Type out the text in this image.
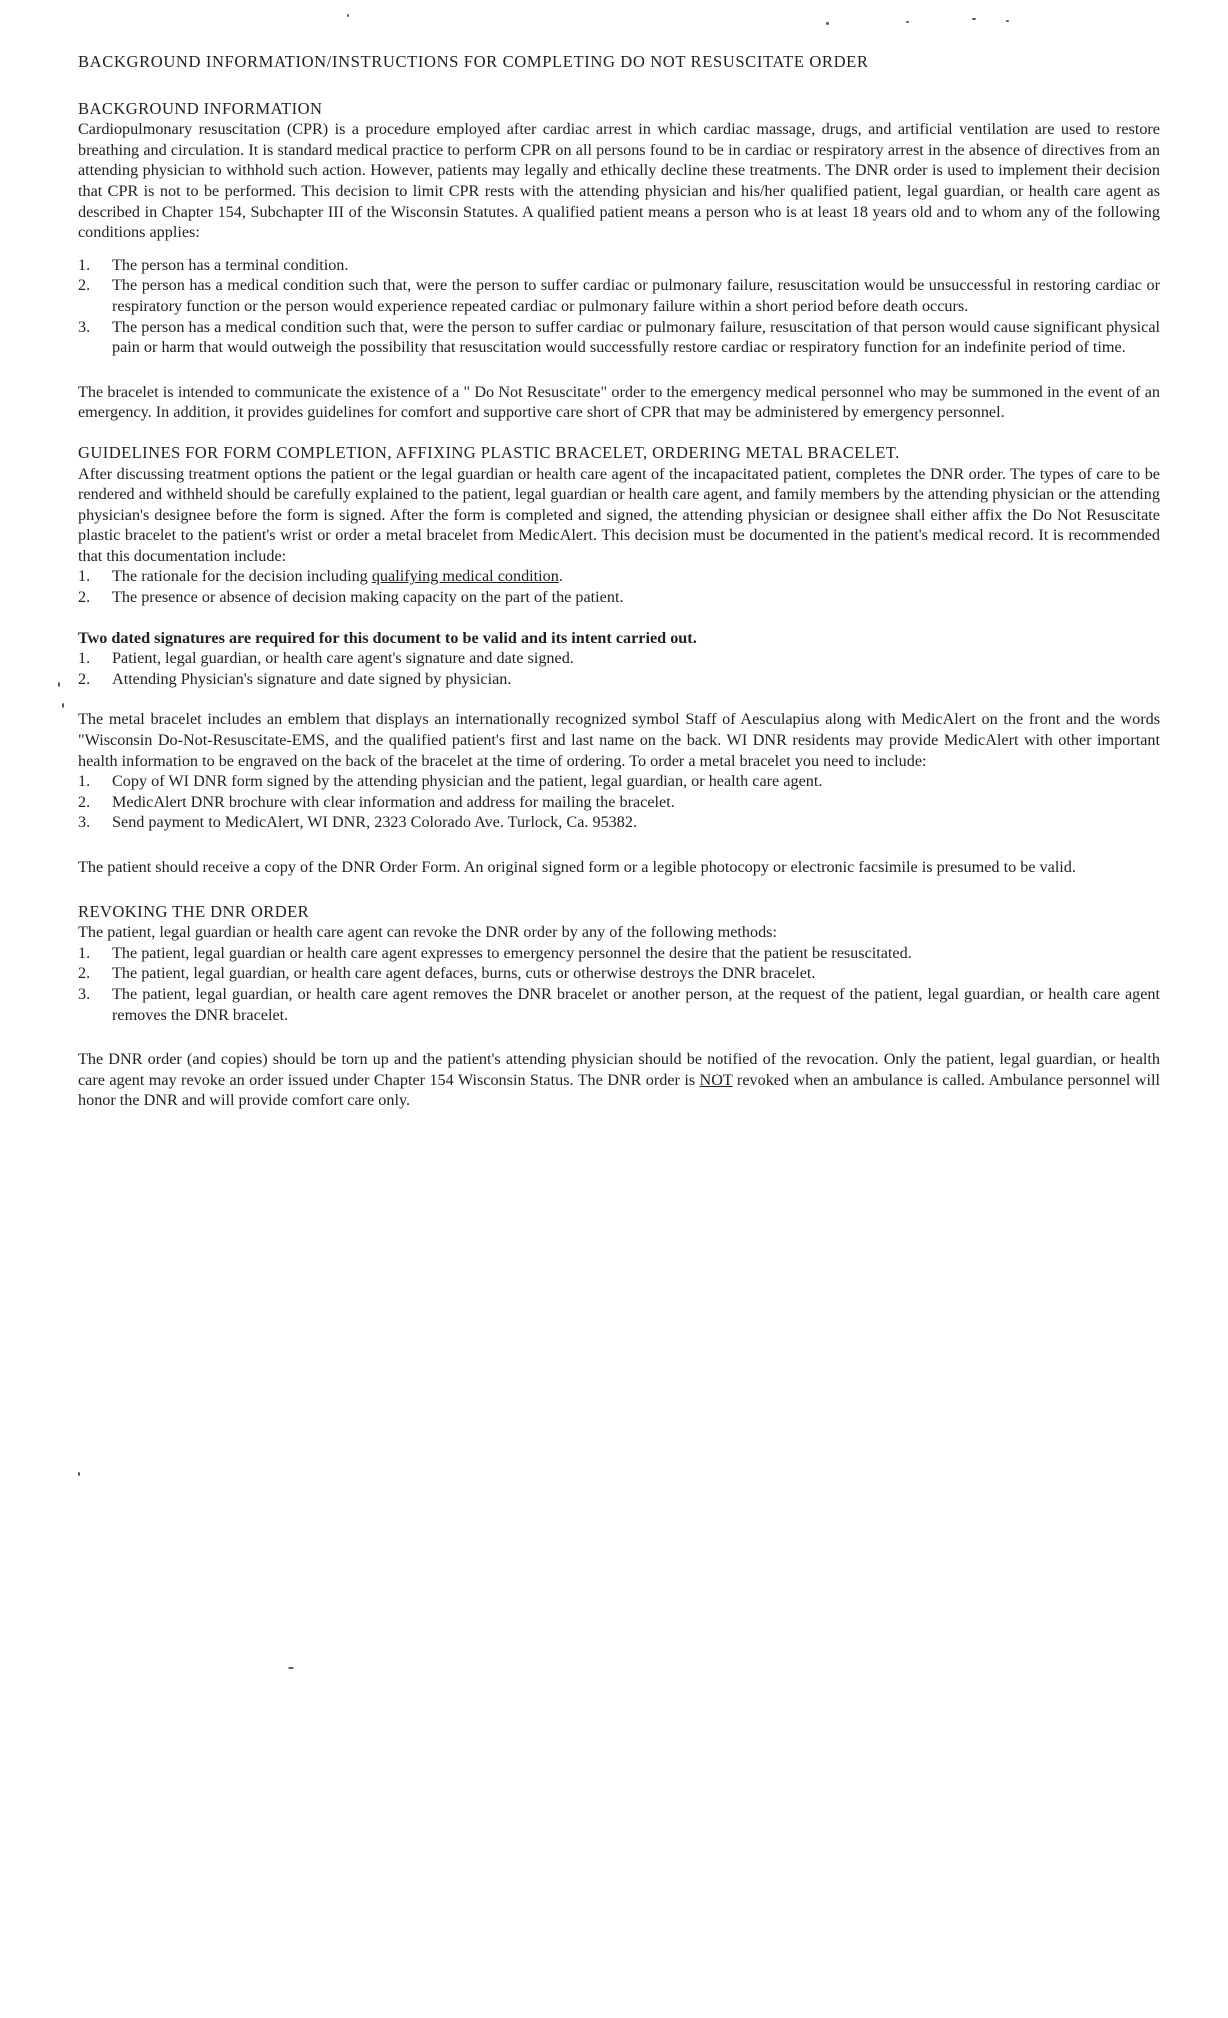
BACKGROUND INFORMATION/INSTRUCTIONS FOR COMPLETING DO NOT RESUSCITATE ORDER
BACKGROUND INFORMATION

Cardiopulmonary resuscitation (CPR) is a procedure employed after cardiac arrest in which cardiac massage, drugs, and artificial ventilation are used to restore breathing and circulation. It is standard medical practice to perform CPR on all persons found to be in cardiac or respiratory arrest in the absence of directives from an attending physician to withhold such action. However, patients may legally and ethically decline these treatments. The DNR order is used to implement their decision that CPR is not to be performed. This decision to limit CPR rests with the attending physician and his/her qualified patient, legal guardian, or health care agent as described in Chapter 154, Subchapter III of the Wisconsin Statutes. A qualified patient means a person who is at least 18 years old and to whom any of the following conditions applies:

1.	The person has a terminal condition.
2.	The person has a medical condition such that, were the person to suffer cardiac or pulmonary failure, resuscitation would be unsuccessful in restoring cardiac or respiratory function or the person would experience repeated cardiac or pulmonary failure within a short period before death occurs.
3.	The person has a medical condition such that, were the person to suffer cardiac or pulmonary failure, resuscitation of that person would cause significant physical pain or harm that would outweigh the possibility that resuscitation would successfully restore cardiac or respiratory function for an indefinite period of time.

The bracelet is intended to communicate the existence of a " Do Not Resuscitate" order to the emergency medical personnel who may be summoned in the event of an emergency. In addition, it provides guidelines for comfort and supportive care short of CPR that may be administered by emergency personnel.

GUIDELINES FOR FORM COMPLETION, AFFIXING PLASTIC BRACELET, ORDERING METAL BRACELET.

After discussing treatment options the patient or the legal guardian or health care agent of the incapacitated patient, completes the DNR order. The types of care to be rendered and withheld should be carefully explained to the patient, legal guardian or health care agent, and family members by the attending physician or the attending physician's designee before the form is signed. After the form is completed and signed, the attending physician or designee shall either affix the Do Not Resuscitate plastic bracelet to the patient's wrist or order a metal bracelet from MedicAlert. This decision must be documented in the patient's medical record. It is recommended that this documentation include:

1.	The rationale for the decision including qualifying medical condition.
2.	The presence or absence of decision making capacity on the part of the patient.

Two dated signatures are required for this document to be valid and its intent carried out.

1.	Patient, legal guardian, or health care agent's signature and date signed.
2.	Attending Physician's signature and date signed by physician.

The metal bracelet includes an emblem that displays an internationally recognized symbol Staff of Aesculapius along with MedicAlert on the front and the words "Wisconsin Do-Not-Resuscitate-EMS, and the qualified patient's first and last name on the back. WI DNR residents may provide MedicAlert with other important health information to be engraved on the back of the bracelet at the time of ordering. To order a metal bracelet you need to include:

1.	Copy of WI DNR form signed by the attending physician and the patient, legal guardian, or health care agent.
2.	MedicAlert DNR brochure with clear information and address for mailing the bracelet.
3.	Send payment to MedicAlert, WI DNR, 2323 Colorado Ave. Turlock, Ca. 95382.

The patient should receive a copy of the DNR Order Form. An original signed form or a legible photocopy or electronic facsimile is presumed to be valid.

REVOKING THE DNR ORDER

The patient, legal guardian or health care agent can revoke the DNR order by any of the following methods:

1.	The patient, legal guardian or health care agent expresses to emergency personnel the desire that the patient be resuscitated.
2.	The patient, legal guardian, or health care agent defaces, burns, cuts or otherwise destroys the DNR bracelet.
3.	The patient, legal guardian, or health care agent removes the DNR bracelet or another person, at the request of the patient, legal guardian, or health care agent removes the DNR bracelet.

The DNR order (and copies) should be torn up and the patient's attending physician should be notified of the revocation. Only the patient, legal guardian, or health care agent may revoke an order issued under Chapter 154 Wisconsin Status. The DNR order is NOT revoked when an ambulance is called. Ambulance personnel will honor the DNR and will provide comfort care only.
